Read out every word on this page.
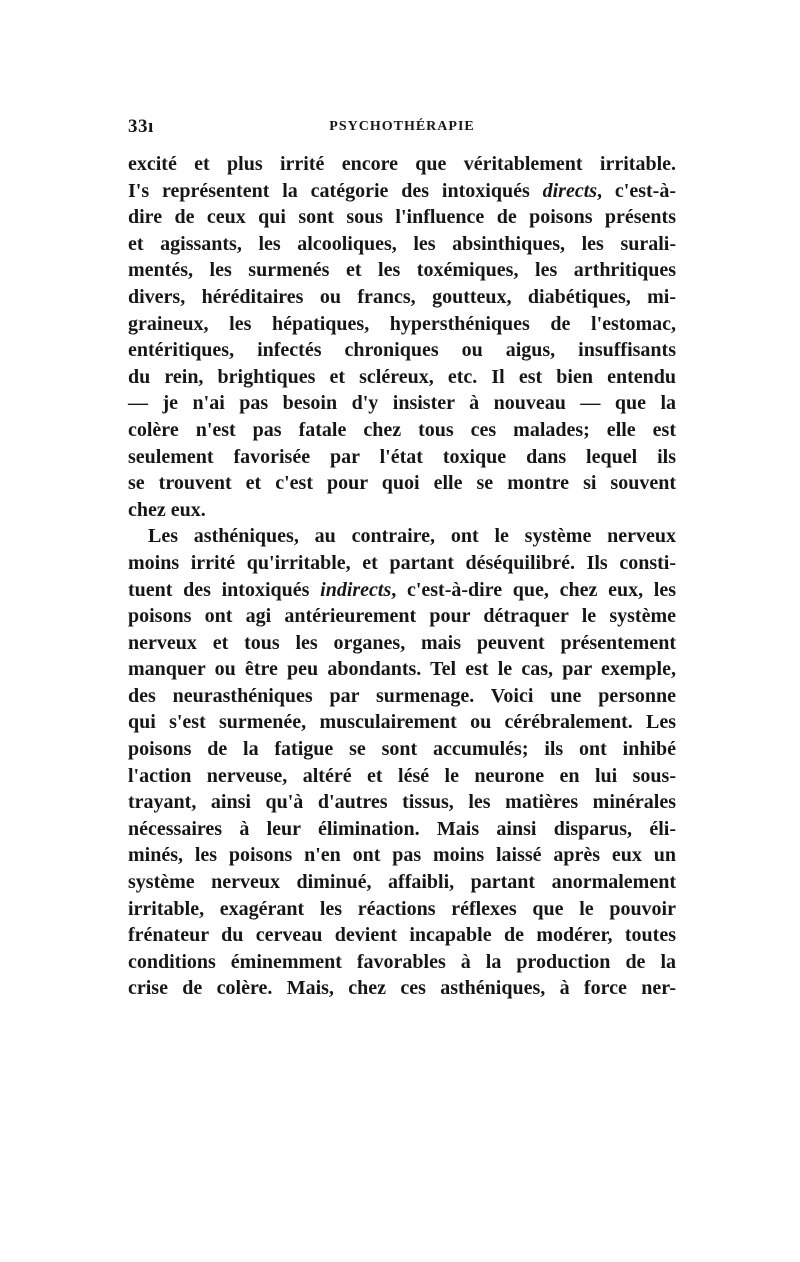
33ı	PSYCHOTHÉRAPIE
excité et plus irrité encore que véritablement irritable.
I's représentent la catégorie des intoxiqués directs, c'est-à-
dire de ceux qui sont sous l'influence de poisons présents
et agissants, les alcooliques, les absinthiques, les surali-
mentés, les surmenés et les toxémiques, les arthritiques
divers, héréditaires ou francs, goutteux, diabétiques, mi-
graineux, les hépatiques, hypersthéniques de l'estomac,
entéritiques, infectés chroniques ou aigus, insuffisants
du rein, brightiques et scléreux, etc. Il est bien entendu
— je n'ai pas besoin d'y insister à nouveau — que la
colère n'est pas fatale chez tous ces malades; elle est
seulement favorisée par l'état toxique dans lequel ils
se trouvent et c'est pour quoi elle se montre si souvent
chez eux.
Les asthéniques, au contraire, ont le système nerveux
moins irrité qu'irritable, et partant déséquilibré. Ils consti-
tuent des intoxiqués indirects, c'est-à-dire que, chez eux, les
poisons ont agi antérieurement pour détraquer le système
nerveux et tous les organes, mais peuvent présentement
manquer ou être peu abondants. Tel est le cas, par exemple,
des neurasthéniques par surmenage. Voici une personne
qui s'est surmenée, musculairement ou cérébralement. Les
poisons de la fatigue se sont accumulés; ils ont inhibé
l'action nerveuse, altéré et lésé le neurone en lui sous-
trayant, ainsi qu'à d'autres tissus, les matières minérales
nécessaires à leur élimination. Mais ainsi disparus, éli-
minés, les poisons n'en ont pas moins laissé après eux un
système nerveux diminué, affaibli, partant anormalement
irritable, exagérant les réactions réflexes que le pouvoir
frénateur du cerveau devient incapable de modérer, toutes
conditions éminemment favorables à la production de la
crise de colère. Mais, chez ces asthéniques, à force ner-
